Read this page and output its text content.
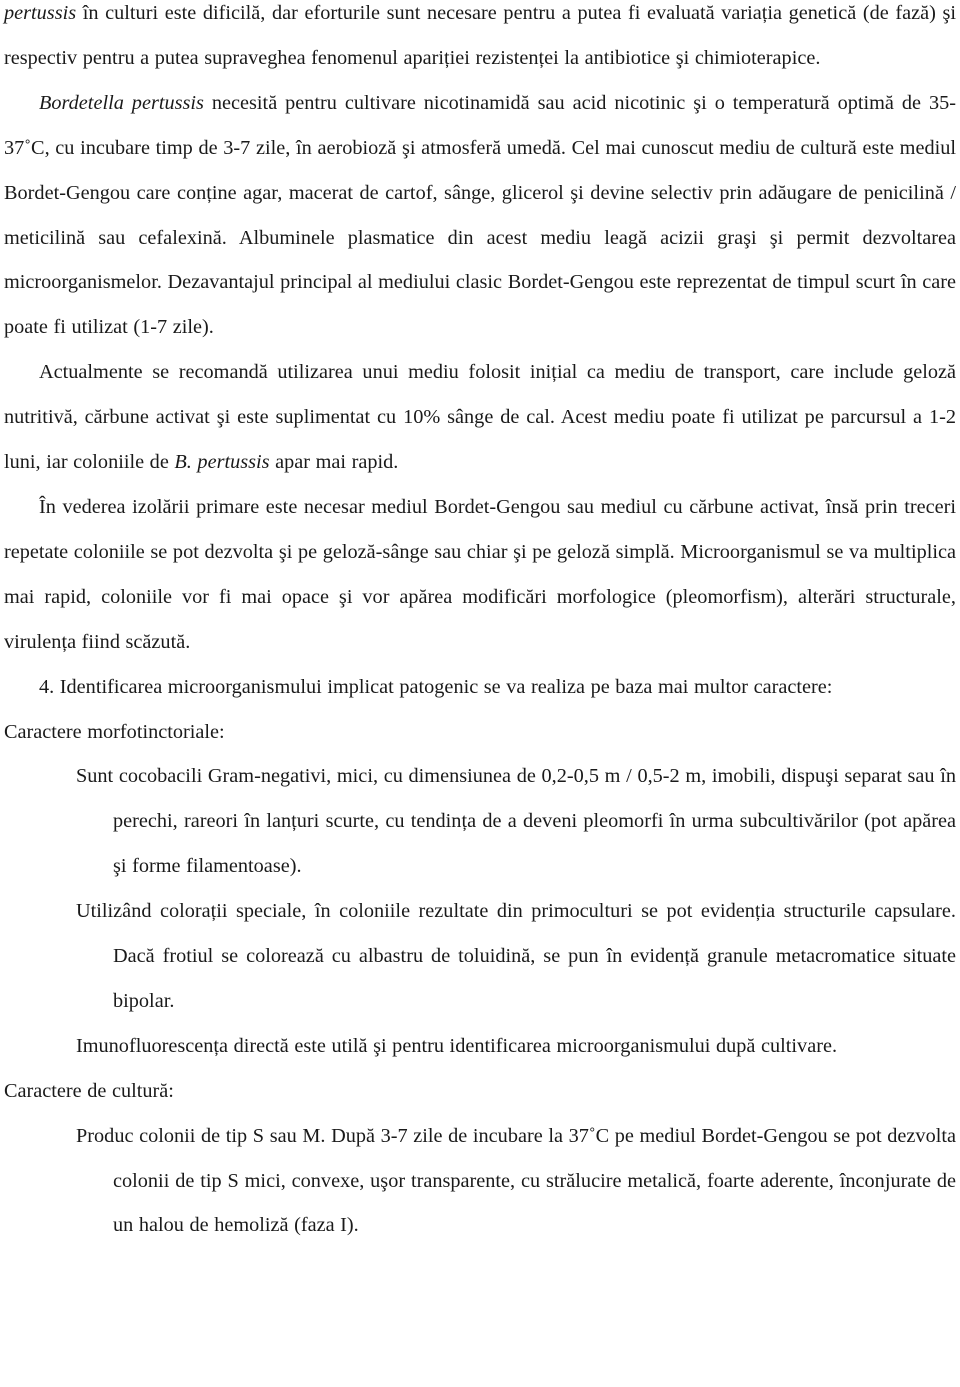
pertussis în culturi este dificilă, dar eforturile sunt necesare pentru a putea fi evaluată variația genetică (de fază) şi respectiv pentru a putea supraveghea fenomenul apariției rezistenței la antibiotice şi chimioterapice.

Bordetella pertussis necesită pentru cultivare nicotinamidă sau acid nicotinic şi o temperatură optimă de 35-37˚C, cu incubare timp de 3-7 zile, în aerobioză şi atmosferă umedă. Cel mai cunoscut mediu de cultură este mediul Bordet-Gengou care conține agar, macerat de cartof, sânge, glicerol şi devine selectiv prin adăugare de penicilină / meticilină sau cefalexină. Albuminele plasmatice din acest mediu leagă acizii graşi şi permit dezvoltarea microorganismelor. Dezavantajul principal al mediului clasic Bordet-Gengou este reprezentat de timpul scurt în care poate fi utilizat (1-7 zile).

Actualmente se recomandă utilizarea unui mediu folosit inițial ca mediu de transport, care include geloză nutritivă, cărbune activat şi este suplimentat cu 10% sânge de cal. Acest mediu poate fi utilizat pe parcursul a 1-2 luni, iar coloniile de B. pertussis apar mai rapid.

În vederea izolării primare este necesar mediul Bordet-Gengou sau mediul cu cărbune activat, însă prin treceri repetate coloniile se pot dezvolta şi pe geloză-sânge sau chiar şi pe geloză simplă. Microorganismul se va multiplica mai rapid, coloniile vor fi mai opace şi vor apărea modificări morfologice (pleomorfism), alterări structurale, virulența fiind scăzută.

4. Identificarea microorganismului implicat patogenic se va realiza pe baza mai multor caractere:

Caractere morfotinctoriale:

Sunt cocobacili Gram-negativi, mici, cu dimensiunea de 0,2-0,5 m / 0,5-2 m, imobili, dispuşi separat sau în perechi, rareori în lanțuri scurte, cu tendința de a deveni pleomorfi în urma subcultivărilor (pot apărea şi forme filamentoase).

Utilizând colorații speciale, în coloniile rezultate din primoculturi se pot evidenția structurile capsulare. Dacă frotiul se colorează cu albastru de toluidină, se pun în evidență granule metacromatice situate bipolar.

Imunofluorescența directă este utilă şi pentru identificarea microorganismului după cultivare.

Caractere de cultură:

Produc colonii de tip S sau M. După 3-7 zile de incubare la 37˚C pe mediul Bordet-Gengou se pot dezvolta colonii de tip S mici, convexe, uşor transparente, cu strălucire metalică, foarte aderente, înconjurate de un halou de hemoliză (faza I).
